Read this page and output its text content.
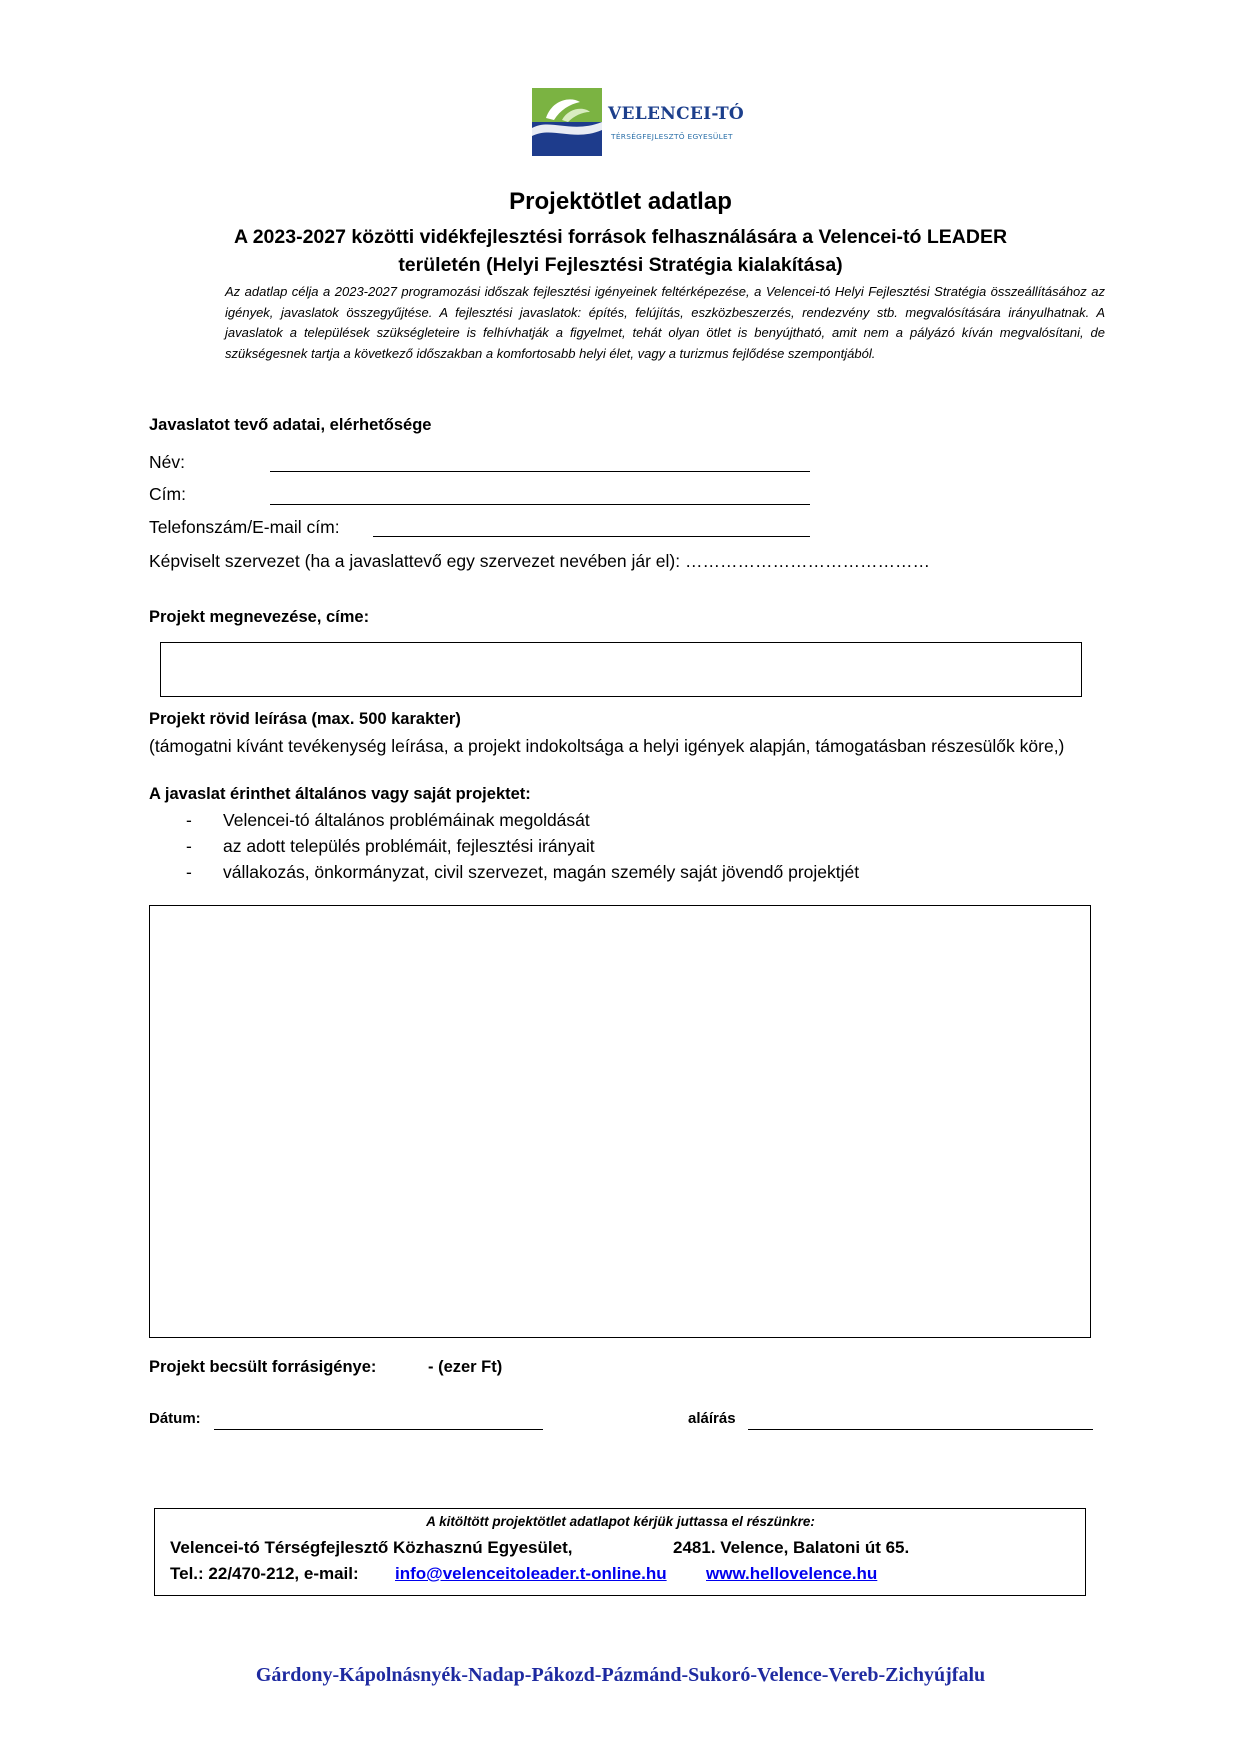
VELENCEI-TÓ
TÉRSÉGFEJLESZTŐ EGYESÜLET
Projektötlet adatlap
A 2023-2027 közötti vidékfejlesztési források felhasználására a Velencei-tó LEADER
területén (Helyi Fejlesztési Stratégia kialakítása)
Az adatlap célja a 2023-2027 programozási időszak fejlesztési igényeinek feltérképezése, a Velencei-tó Helyi Fejlesztési Stratégia összeállításához az igények, javaslatok összegyűjtése. A fejlesztési javaslatok: építés, felújítás, eszközbeszerzés, rendezvény stb. megvalósítására irányulhatnak. A javaslatok a települések szükségleteire is felhívhatják a figyelmet, tehát olyan ötlet is benyújtható, amit nem a pályázó kíván megvalósítani, de szükségesnek tartja a következő időszakban a komfortosabb helyi élet, vagy a turizmus fejlődése szempontjából.
Javaslatot tevő adatai, elérhetősége
Név:
Cím:
Telefonszám/E-mail cím:
Képviselt szervezet (ha a javaslattevő egy szervezet nevében jár el): ……………………………………
Projekt megnevezése, címe:
Projekt rövid leírása (max. 500 karakter)
(támogatni kívánt tevékenység leírása, a projekt indokoltsága a helyi igények alapján, támogatásban részesülők köre,)
A javaslat érinthet általános vagy saját projektet:
- Velencei-tó általános problémáinak megoldását
- az adott település problémáit, fejlesztési irányait
- vállakozás, önkormányzat, civil szervezet, magán személy saját jövendő projektjét
Projekt becsült forrásigénye:	- (ezer Ft)
Dátum:	aláírás
A kitöltött projektötlet adatlapot kérjük juttassa el részünkre:
Velencei-tó Térségfejlesztő Közhasznú Egyesület,	2481. Velence, Balatoni út 65.
Tel.: 22/470-212, e-mail: info@velenceitoleader.t-online.hu www.hellovelence.hu
Gárdony-Kápolnásnyék-Nadap-Pákozd-Pázmánd-Sukoró-Velence-Vereb-Zichyújfalu
